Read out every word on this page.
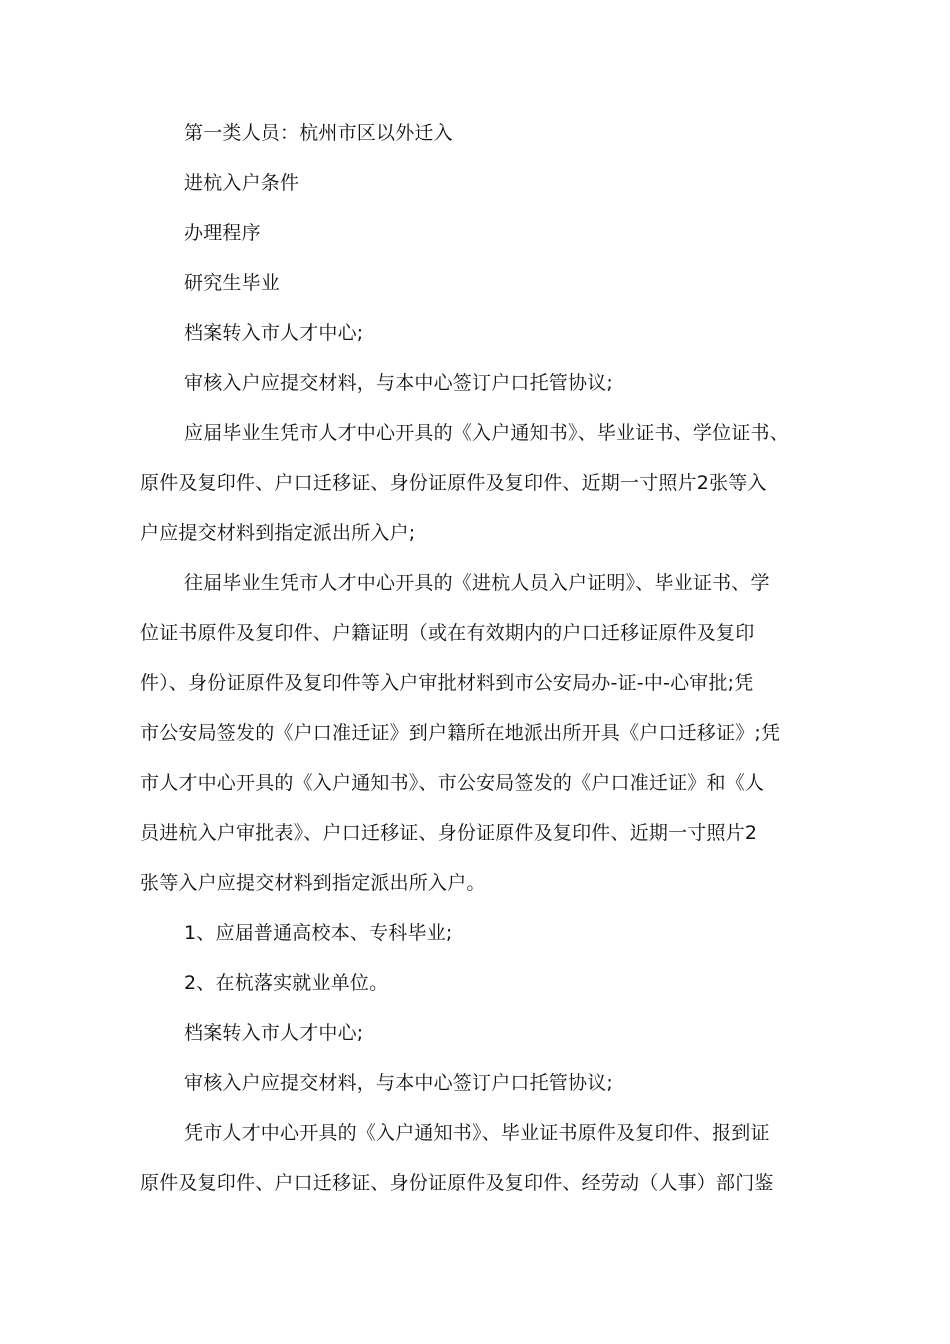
第一类人员：杭州市区以外迁入
进杭入户条件
办理程序
研究生毕业
档案转入市人才中心;
审核入户应提交材料，与本中心签订户口托管协议;
应届毕业生凭市人才中心开具的《入户通知书》、毕业证书、学位证书、
原件及复印件、户口迁移证、身份证原件及复印件、近期一寸照片2张等入
户应提交材料到指定派出所入户;
往届毕业生凭市人才中心开具的《进杭人员入户证明》、毕业证书、学
位证书原件及复印件、户籍证明（或在有效期内的户口迁移证原件及复印
件）、身份证原件及复印件等入户审批材料到市公安局办-证-中-心审批;凭
市公安局签发的《户口准迁证》到户籍所在地派出所开具《户口迁移证》;凭
市人才中心开具的《入户通知书》、市公安局签发的《户口准迁证》和《人
员进杭入户审批表》、户口迁移证、身份证原件及复印件、近期一寸照片2
张等入户应提交材料到指定派出所入户。
1、应届普通高校本、专科毕业;
2、在杭落实就业单位。
档案转入市人才中心;
审核入户应提交材料，与本中心签订户口托管协议;
凭市人才中心开具的《入户通知书》、毕业证书原件及复印件、报到证
原件及复印件、户口迁移证、身份证原件及复印件、经劳动（人事）部门鉴
